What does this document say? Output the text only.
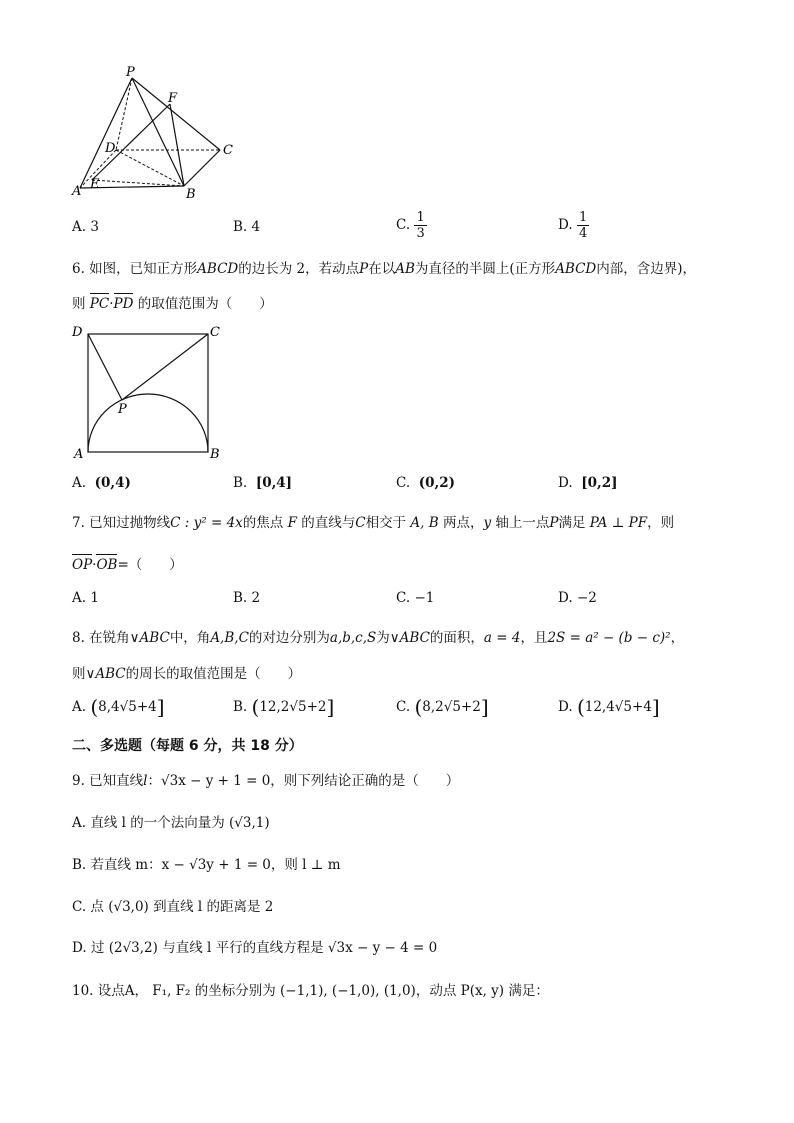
P
F
D	C
A E
B
A. 3	B. 4	C. $\frac{1}{3}$	D. $\frac{1}{4}$
6. 如图，已知正方形ABCD的边长为 2，若动点P在以AB为直径的半圆上(正方形ABCD内部，含边界)，
则 PC·PD 的取值范围为（　　）
D	C
P
A	B
A. (0,4)	B. [0,4]	C. (0,2)	D. [0,2]
7. 已知过抛物线C : y² = 4x的焦点 F 的直线与C相交于 A, B 两点，y 轴上一点P满足 PA ⊥ PF，则
OP·OB=（　　）
A. 1	B. 2	C. −1	D. −2
8. 在锐角∨ABC中，角A,B,C的对边分别为a,b,c,S为∨ABC的面积，a = 4，且2S = a² − (b − c)²，
则∨ABC的周长的取值范围是（　　）
A. (8,4√5+4]	B. (12,2√5+2]	C. (8,2√5+2]	D. (12,4√5+4]
二、多选题（每题 6 分，共 18 分）
9. 已知直线l：√3x − y + 1 = 0，则下列结论正确的是（　　）
A. 直线 l 的一个法向量为 (√3,1)
B. 若直线 m：x − √3y + 1 = 0，则 l ⊥ m
C. 点 (√3,0) 到直线 l 的距离是 2
D. 过 (2√3,2) 与直线 l 平行的直线方程是 √3x − y − 4 = 0
10. 设点A， F₁, F₂ 的坐标分别为 (−1,1), (−1,0), (1,0)，动点 P(x, y) 满足：
